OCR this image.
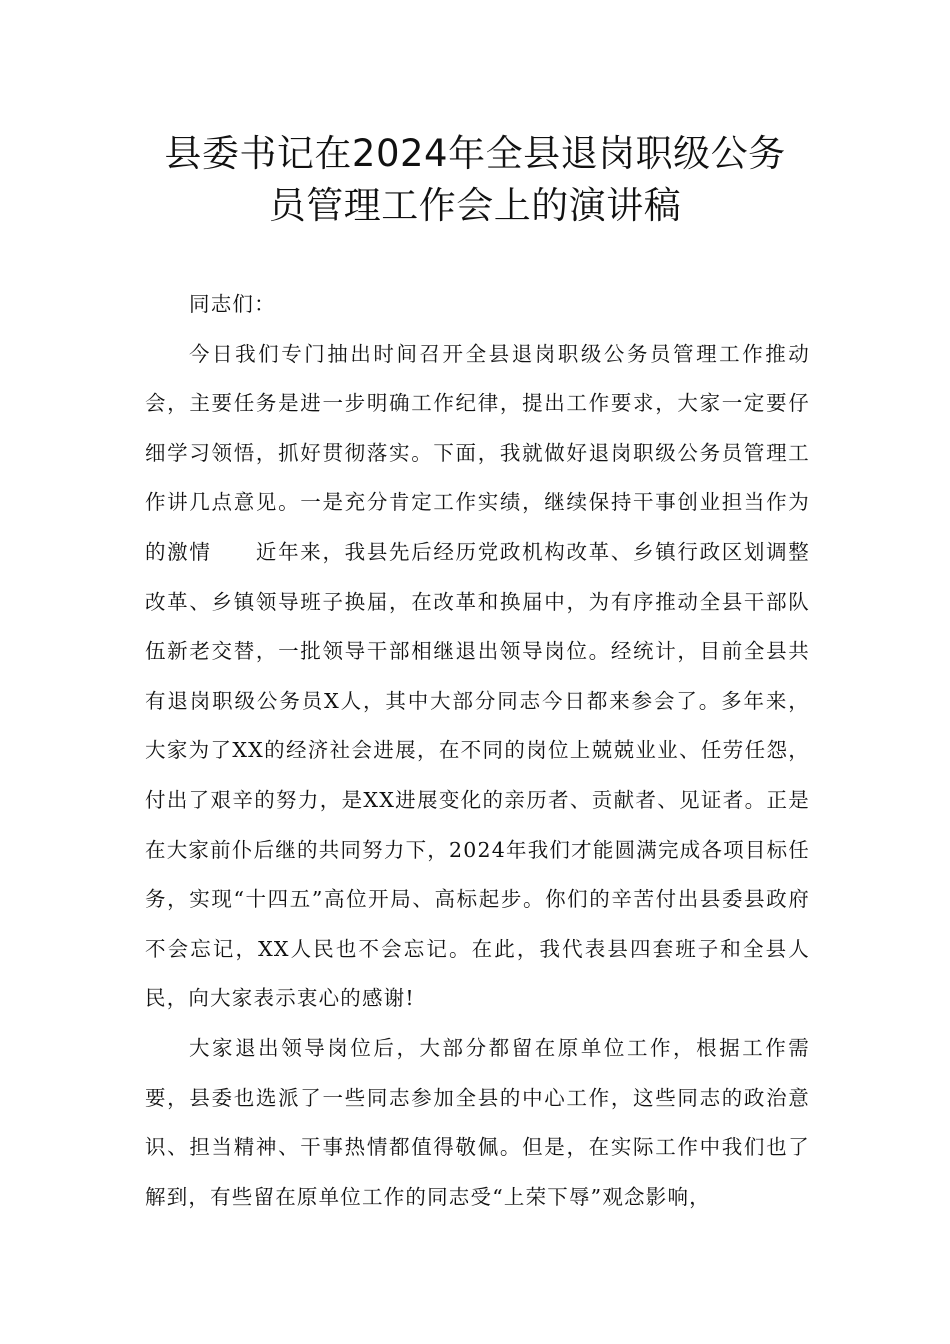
县委书记在2024年全县退岗职级公务
员管理工作会上的演讲稿

同志们：

今日我们专门抽出时间召开全县退岗职级公务员管理工作推动会，主要任务是进一步明确工作纪律，提出工作要求，大家一定要仔细学习领悟，抓好贯彻落实。下面，我就做好退岗职级公务员管理工作讲几点意见。一是充分肯定工作实绩，继续保持干事创业担当作为的激情　　近年来，我县先后经历党政机构改革、乡镇行政区划调整改革、乡镇领导班子换届，在改革和换届中，为有序推动全县干部队伍新老交替，一批领导干部相继退出领导岗位。经统计，目前全县共有退岗职级公务员X人，其中大部分同志今日都来参会了。多年来，大家为了XX的经济社会进展，在不同的岗位上兢兢业业、任劳任怨，付出了艰辛的努力，是XX进展变化的亲历者、贡献者、见证者。正是在大家前仆后继的共同努力下，2024年我们才能圆满完成各项目标任务，实现“十四五”高位开局、高标起步。你们的辛苦付出县委县政府不会忘记，XX人民也不会忘记。在此，我代表县四套班子和全县人民，向大家表示衷心的感谢!

大家退出领导岗位后，大部分都留在原单位工作，根据工作需要，县委也选派了一些同志参加全县的中心工作，这些同志的政治意识、担当精神、干事热情都值得敬佩。但是，在实际工作中我们也了解到，有些留在原单位工作的同志受“上荣下辱”观念影响，
